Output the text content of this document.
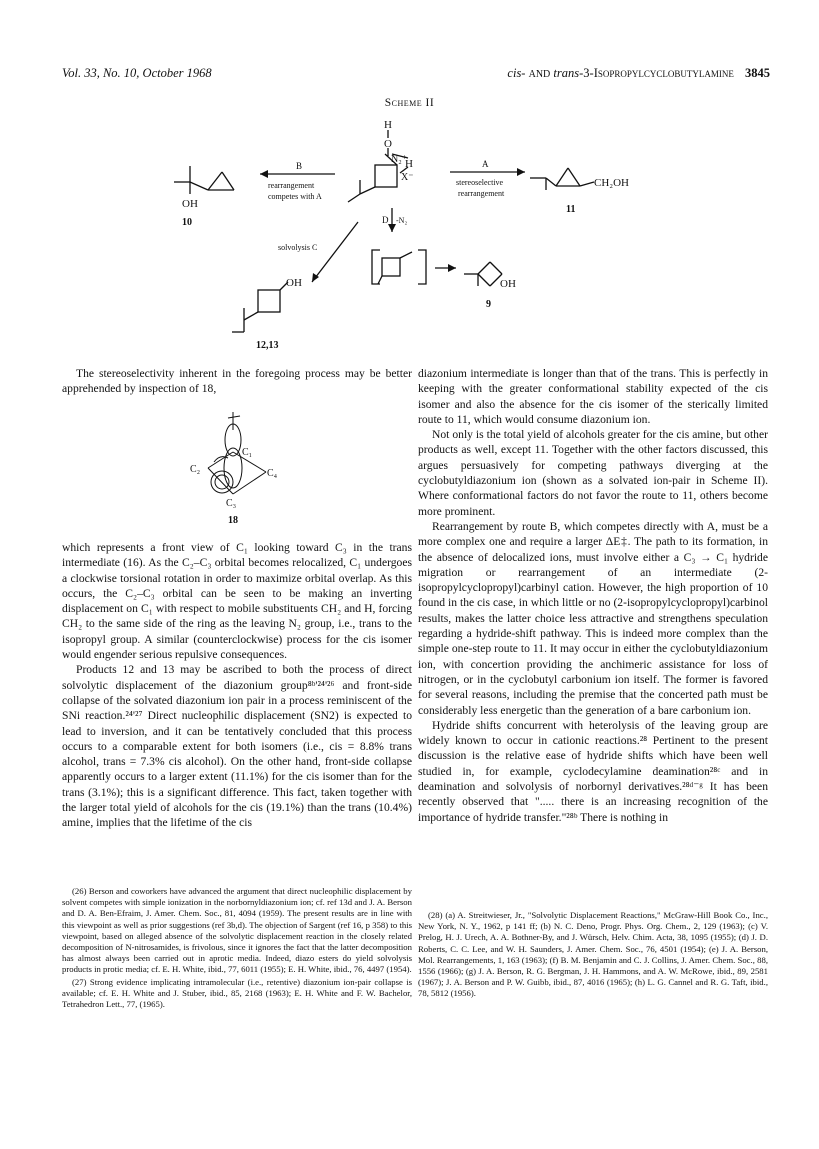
Vol. 33, No. 10, October 1968	cis- AND trans-3-Isopropylcyclobutylamine 3845
Scheme II
H
O
H
N₂⁺
X⁻
B
rearrangement
competes with A
A
stereoselective
rearrangement
D -N₂
solvolysis C
OH
10
CH₂OH
11
OH
9
OH
12,13

The stereoselectivity inherent in the foregoing process may be better apprehended by inspection of 18,

C₁
C₂	C₄
C₃
18

which represents a front view of C₁ looking toward C₃ in the trans intermediate (16). As the C₂–C₃ orbital becomes relocalized, C₁ undergoes a clockwise torsional rotation in order to maximize orbital overlap. As this occurs, the C₂–C₃ orbital can be seen to be making an inverting displacement on C₁ with respect to mobile substituents CH₂ and H, forcing CH₂ to the same side of the ring as the leaving N₂ group, i.e., trans to the isopropyl group. A similar (counterclockwise) process for the cis isomer would engender serious repulsive consequences.

Products 12 and 13 may be ascribed to both the process of direct solvolytic displacement of the diazonium group⁸ᵇ'²⁴'²⁶ and front-side collapse of the solvated diazonium ion pair in a process reminiscent of the SNi reaction.²⁴'²⁷ Direct nucleophilic displacement (SN2) is expected to lead to inversion, and it can be tentatively concluded that this process occurs to a comparable extent for both isomers (i.e., cis = 8.8% trans alcohol, trans = 7.3% cis alcohol). On the other hand, front-side collapse apparently occurs to a larger extent (11.1%) for the cis isomer than for the trans (3.1%); this is a significant difference. This fact, taken together with the larger total yield of alcohols for the cis (19.1%) than the trans (10.4%) amine, implies that the lifetime of the cis

diazonium intermediate is longer than that of the trans. This is perfectly in keeping with the greater conformational stability expected of the cis isomer and also the absence for the cis isomer of the sterically limited route to 11, which would consume diazonium ion.

Not only is the total yield of alcohols greater for the cis amine, but other products as well, except 11. Together with the other factors discussed, this argues persuasively for competing pathways diverging at the cyclobutyldiazonium ion (shown as a solvated ion-pair in Scheme II). Where conformational factors do not favor the route to 11, others become more prominent.

Rearrangement by route B, which competes directly with A, must be a more complex one and require a larger ΔE‡. The path to its formation, in the absence of delocalized ions, must involve either a C₃ → C₁ hydride migration or rearrangement of an intermediate (2-isopropylcyclopropyl)carbinyl cation. However, the high proportion of 10 found in the cis case, in which little or no (2-isopropylcyclopropyl)carbinol results, makes the latter choice less attractive and strengthens speculation regarding a hydride-shift pathway. This is indeed more complex than the simple one-step route to 11. It may occur in either the cyclobutyldiazonium ion, with concertion providing the anchimeric assistance for loss of nitrogen, or in the cyclobutyl carbonium ion itself. The former is favored for several reasons, including the premise that the concerted path must be considerably less energetic than the generation of a bare carbonium ion.

Hydride shifts concurrent with heterolysis of the leaving group are widely known to occur in cationic reactions.²⁸ Pertinent to the present discussion is the relative ease of hydride shifts which have been well studied in, for example, cyclodecylamine deamination²⁸ᶜ and in deamination and solvolysis of norbornyl derivatives.²⁸ᵈ⁻ᵍ It has been recently observed that "..... there is an increasing recognition of the importance of hydride transfer."²⁸ᵇ There is nothing in

(26) Berson and coworkers have advanced the argument that direct nucleophilic displacement by solvent competes with simple ionization in the norbornyldiazonium ion; cf. ref 13d and J. A. Berson and D. A. Ben-Efraim, J. Amer. Chem. Soc., 81, 4094 (1959). The present results are in line with this viewpoint as well as prior suggestions (ref 3b,d). The objection of Sargent (ref 16, p 358) to this viewpoint, based on alleged absence of the solvolytic displacement reaction in the closely related decomposition of N-nitrosamides, is frivolous, since it ignores the fact that the latter decomposition has almost always been carried out in aprotic media. Indeed, diazo esters do yield solvolysis products in protic media; cf. E. H. White, ibid., 77, 6011 (1955); E. H. White, ibid., 76, 4497 (1954).

(27) Strong evidence implicating intramolecular (i.e., retentive) diazonium ion-pair collapse is available; cf. E. H. White and J. Stuber, ibid., 85, 2168 (1963); E. H. White and F. W. Bachelor, Tetrahedron Lett., 77, (1965).

(28) (a) A. Streitwieser, Jr., "Solvolytic Displacement Reactions," McGraw-Hill Book Co., Inc., New York, N. Y., 1962, p 141 ff; (b) N. C. Deno, Progr. Phys. Org. Chem., 2, 129 (1963); (c) V. Prelog, H. J. Urech, A. A. Bothner-By, and J. Würsch, Helv. Chim. Acta, 38, 1095 (1955); (d) J. D. Roberts, C. C. Lee, and W. H. Saunders, J. Amer. Chem. Soc., 76, 4501 (1954); (e) J. A. Berson, Mol. Rearrangements, 1, 163 (1963); (f) B. M. Benjamin and C. J. Collins, J. Amer. Chem. Soc., 88, 1556 (1966); (g) J. A. Berson, R. G. Bergman, J. H. Hammons, and A. W. McRowe, ibid., 89, 2581 (1967); J. A. Berson and P. W. Guibb, ibid., 87, 4016 (1965); (h) L. G. Cannel and R. G. Taft, ibid., 78, 5812 (1956).
